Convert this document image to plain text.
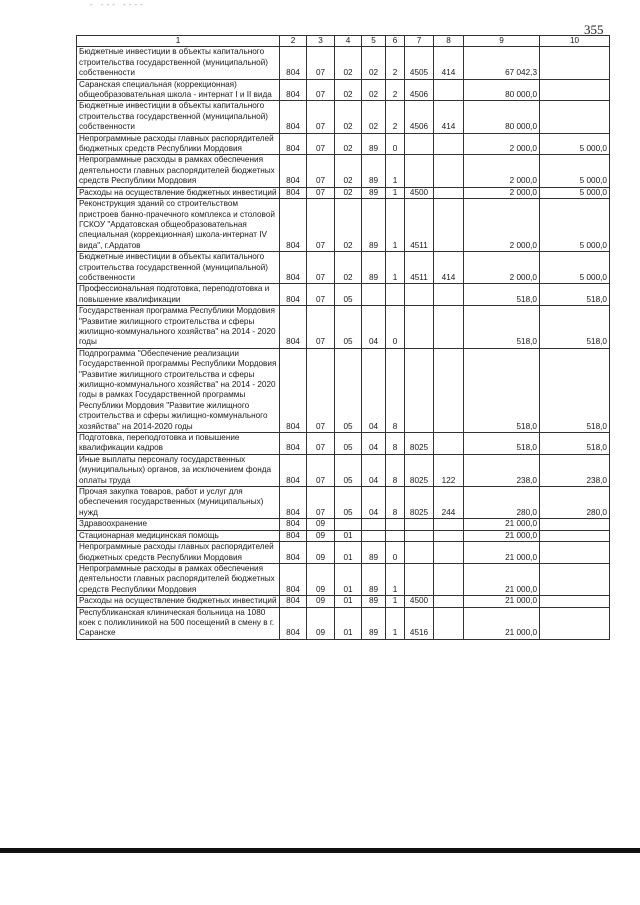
- --- ----
355
1	2	3	4	5	6	7	8	9	10
Бюджетные инвестиции в объекты капитального строительства государственной (муниципальной) собственности	804	07	02	02	2	4505	414	67 042,3	
Саранская специальная (коррекционная) общеобразовательная школа - интернат I и II вида	804	07	02	02	2	4506		80 000,0	
Бюджетные инвестиции в объекты капитального строительства государственной (муниципальной) собственности	804	07	02	02	2	4506	414	80 000,0	
Непрограммные расходы главных распорядителей бюджетных средств Республики Мордовия	804	07	02	89	0			2 000,0	5 000,0
Непрограммные расходы в рамках обеспечения деятельности главных распорядителей бюджетных средств Республики Мордовия	804	07	02	89	1			2 000,0	5 000,0
Расходы на осуществление бюджетных инвестиций	804	07	02	89	1	4500		2 000,0	5 000,0
Реконструкция зданий со строительством пристроев банно-прачечного комплекса и столовой ГСКОУ "Ардатовская общеобразовательная специальная (коррекционная) школа-интернат IV вида", г.Ардатов	804	07	02	89	1	4511		2 000,0	5 000,0
Бюджетные инвестиции в объекты капитального строительства государственной (муниципальной) собственности	804	07	02	89	1	4511	414	2 000,0	5 000,0
Профессиональная подготовка, переподготовка и повышение квалификации	804	07	05					518,0	518,0
Государственная программа Республики Мордовия "Развитие жилищного строительства и сферы жилищно-коммунального хозяйства" на 2014 - 2020 годы	804	07	05	04	0			518,0	518,0
Подпрограмма "Обеспечение реализации Государственной программы Республики Мордовия "Развитие жилищного строительства и сферы жилищно-коммунального хозяйства" на 2014 - 2020 годы в рамках Государственной программы Республики Мордовия "Развитие жилищного строительства и сферы жилищно-коммунального хозяйства" на 2014-2020 годы	804	07	05	04	8			518,0	518,0
Подготовка, переподготовка и повышение квалификации кадров	804	07	05	04	8	8025		518,0	518,0
Иные выплаты персоналу государственных (муниципальных) органов, за исключением фонда оплаты труда	804	07	05	04	8	8025	122	238,0	238,0
Прочая закупка товаров, работ и услуг для обеспечения государственных (муниципальных) нужд	804	07	05	04	8	8025	244	280,0	280,0
Здравоохранение	804	09						21 000,0	
Стационарная медицинская помощь	804	09	01					21 000,0	
Непрограммные расходы главных распорядителей бюджетных средств Республики Мордовия	804	09	01	89	0			21 000,0	
Непрограммные расходы в рамках обеспечения деятельности главных распорядителей бюджетных средств Республики Мордовия	804	09	01	89	1			21 000,0	
Расходы на осуществление бюджетных инвестиций	804	09	01	89	1	4500		21 000,0	
Республиканская клиническая больница на 1080 коек с поликлиникой на 500 посещений в смену в г. Саранске	804	09	01	89	1	4516		21 000,0	
